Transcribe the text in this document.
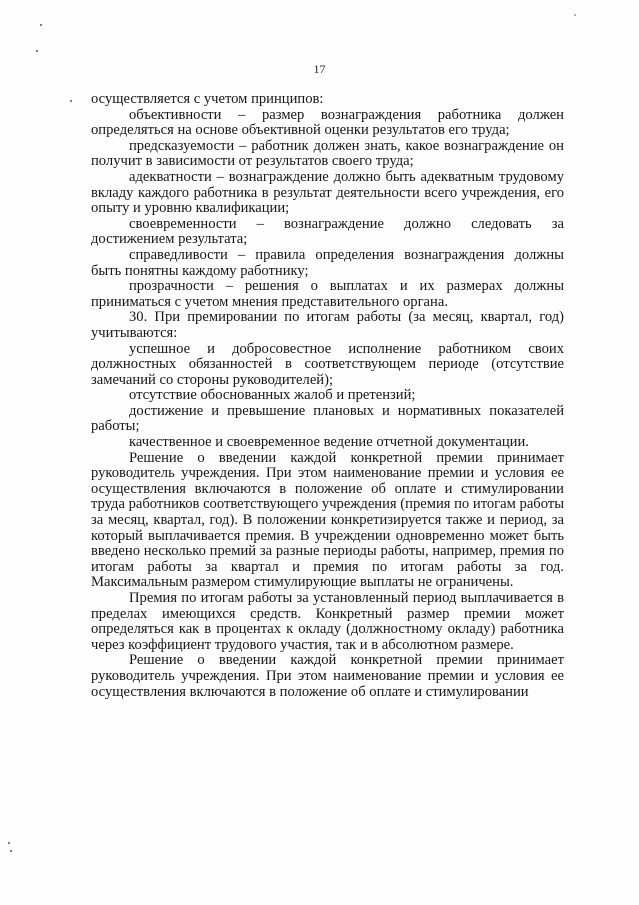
17

осуществляется с учетом принципов:

объективности – размер вознаграждения работника должен определяться на основе объективной оценки результатов его труда;

предсказуемости – работник должен знать, какое вознаграждение он получит в зависимости от результатов своего труда;

адекватности – вознаграждение должно быть адекватным трудовому вкладу каждого работника в результат деятельности всего учреждения, его опыту и уровню квалификации;

своевременности – вознаграждение должно следовать за достижением результата;

справедливости – правила определения вознаграждения должны быть понятны каждому работнику;

прозрачности – решения о выплатах и их размерах должны приниматься с учетом мнения представительного органа.

30. При премировании по итогам работы (за месяц, квартал, год) учитываются:

успешное и добросовестное исполнение работником своих должностных обязанностей в соответствующем периоде (отсутствие замечаний со стороны руководителей);

отсутствие обоснованных жалоб и претензий;

достижение и превышение плановых и нормативных показателей работы;

качественное и своевременное ведение отчетной документации.

Решение о введении каждой конкретной премии принимает руководитель учреждения. При этом наименование премии и условия ее осуществления включаются в положение об оплате и стимулировании труда работников соответствующего учреждения (премия по итогам работы за месяц, квартал, год). В положении конкретизируется также и период, за который выплачивается премия. В учреждении одновременно может быть введено несколько премий за разные периоды работы, например, премия по итогам работы за квартал и премия по итогам работы за год. Максимальным размером стимулирующие выплаты не ограничены.

Премия по итогам работы за установленный период выплачивается в пределах имеющихся средств. Конкретный размер премии может определяться как в процентах к окладу (должностному окладу) работника через коэффициент трудового участия, так и в абсолютном размере.

Решение о введении каждой конкретной премии принимает руководитель учреждения. При этом наименование премии и условия ее осуществления включаются в положение об оплате и стимулировании
